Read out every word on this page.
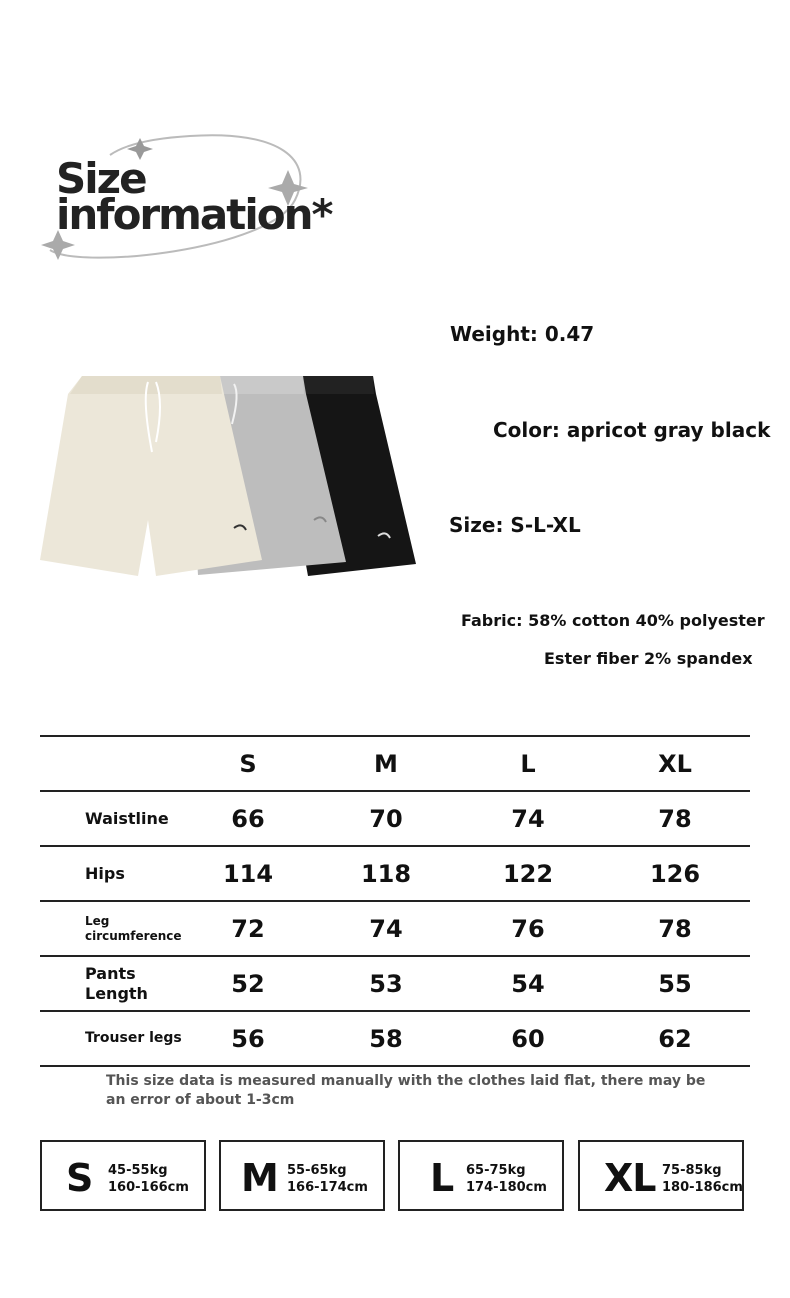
Size
information*
Weight: 0.47
Color: apricot gray black
Size: S-L-XL
Fabric: 58% cotton 40% polyester
Ester fiber 2% spandex
S	M	L	XL
Waistline	66	70	74	78
Hips	114	118	122	126
Leg
circumference	72	74	76	78
Pants
Length	52	53	54	55
Trouser legs	56	58	60	62
This size data is measured manually with the clothes laid flat, there may be an error of about 1-3cm
S 45-55kg
160-166cm M 55-65kg
166-174cm L 65-75kg
174-180cm XL 75-85kg
180-186cm
